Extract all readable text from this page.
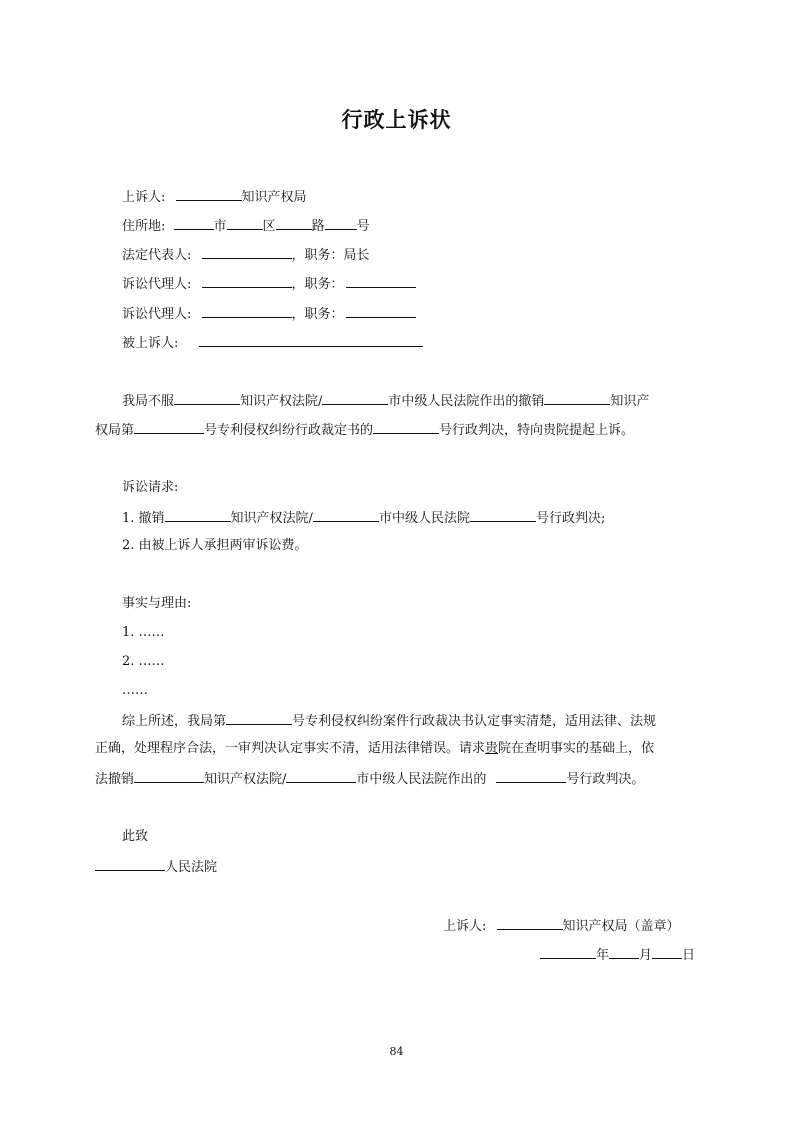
行政上诉状
上诉人:	知识产权局
住所地:	市	区	路 号
法定代表人:	，职务：局长
诉讼代理人:	，职务：
诉讼代理人:	，职务：
被上诉人:
我局不服	知识产权法院/	市中级人民法院作出的撤销	知识产
权局第	号专利侵权纠纷行政裁定书的	号行政判决，特向贵院提起上诉。
诉讼请求:
1. 撤销	知识产权法院/	市中级人民法院	号行政判决;
2. 由被上诉人承担两审诉讼费。
事实与理由:
1. ……
2. ……
……
综上所述，我局第	号专利侵权纠纷案件行政裁决书认定事实清楚，适用法律、法规
正确，处理程序合法，一审判决认定事实不清，适用法律错误。请求贵院在查明事实的基础上，依
法撤销	知识产权法院/	市中级人民法院作出的	号行政判决。
此致
人民法院
上诉人:	知识产权局（盖章）
年 月 日
84
